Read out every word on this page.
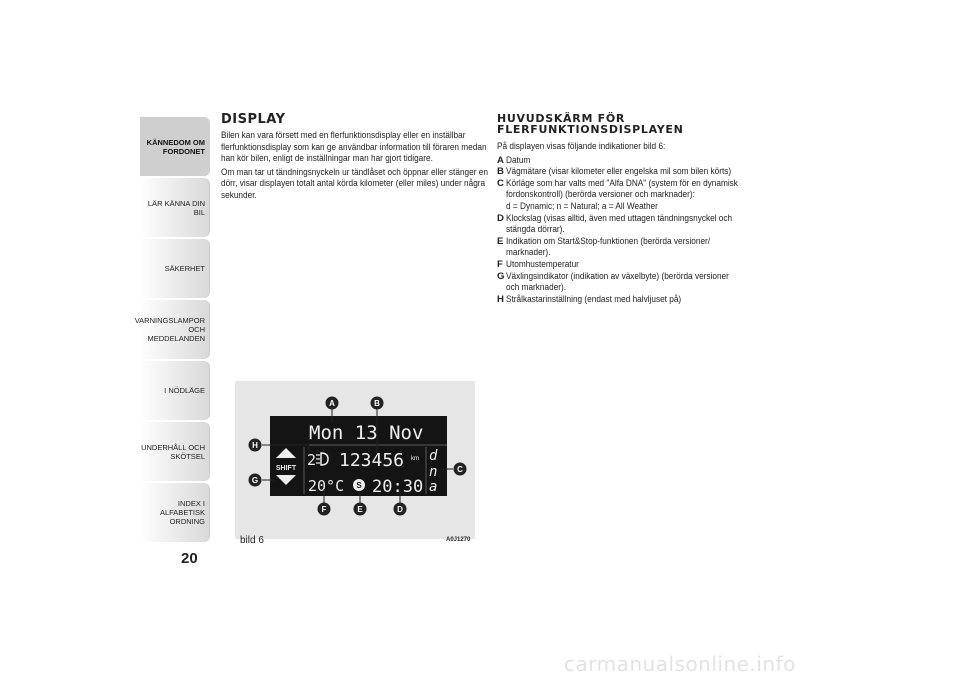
KÄNNEDOM OM
FORDONET
LÄR KÄNNA DIN BIL
SÄKERHET
VARNINGSLAMPOR
OCH MEDDELANDEN
I NÖDLÄGE
UNDERHÅLL OCH
SKÖTSEL
INDEX I ALFABETISK
ORDNING
20
DISPLAY

Bilen kan vara försett med en flerfunktionsdisplay eller en inställbar flerfunktionsdisplay som kan ge användbar information till föraren medan han kör bilen, enligt de inställningar man har gjort tidigare.

Om man tar ut tändningsnyckeln ur tändlåset och öppnar eller stänger en dörr, visar displayen totalt antal körda kilometer (eller miles) under några sekunder.

HUVUDSKÄRM FÖR
FLERFUNKTIONSDISPLAYEN

På displayen visas följande indikationer bild 6:

A Datum
B Vägmätare (visar kilometer eller engelska mil som bilen körts)
C Körläge som har valts med "Alfa DNA" (system för en dynamisk fordonskontroll) (berörda versioner och marknader):
d = Dynamic; n = Natural; a = All Weather
D Klockslag (visas alltid, även med uttagen tändningsnyckel och stängda dörrar).
E Indikation om Start&Stop-funktionen (berörda versioner/ marknader).
F Utomhustemperatur
G Växlingsindikator (indikation av växelbyte) (berörda versioner och marknader).
H Strålkastarinställning (endast med halvljuset på)
Mon 13 Nov
SHIFT 2 123456 km d
n
a
20°C S 20:30
A	B
C
D
E
F
G
H
bild 6	A0J1270
carmanualsonline.info
